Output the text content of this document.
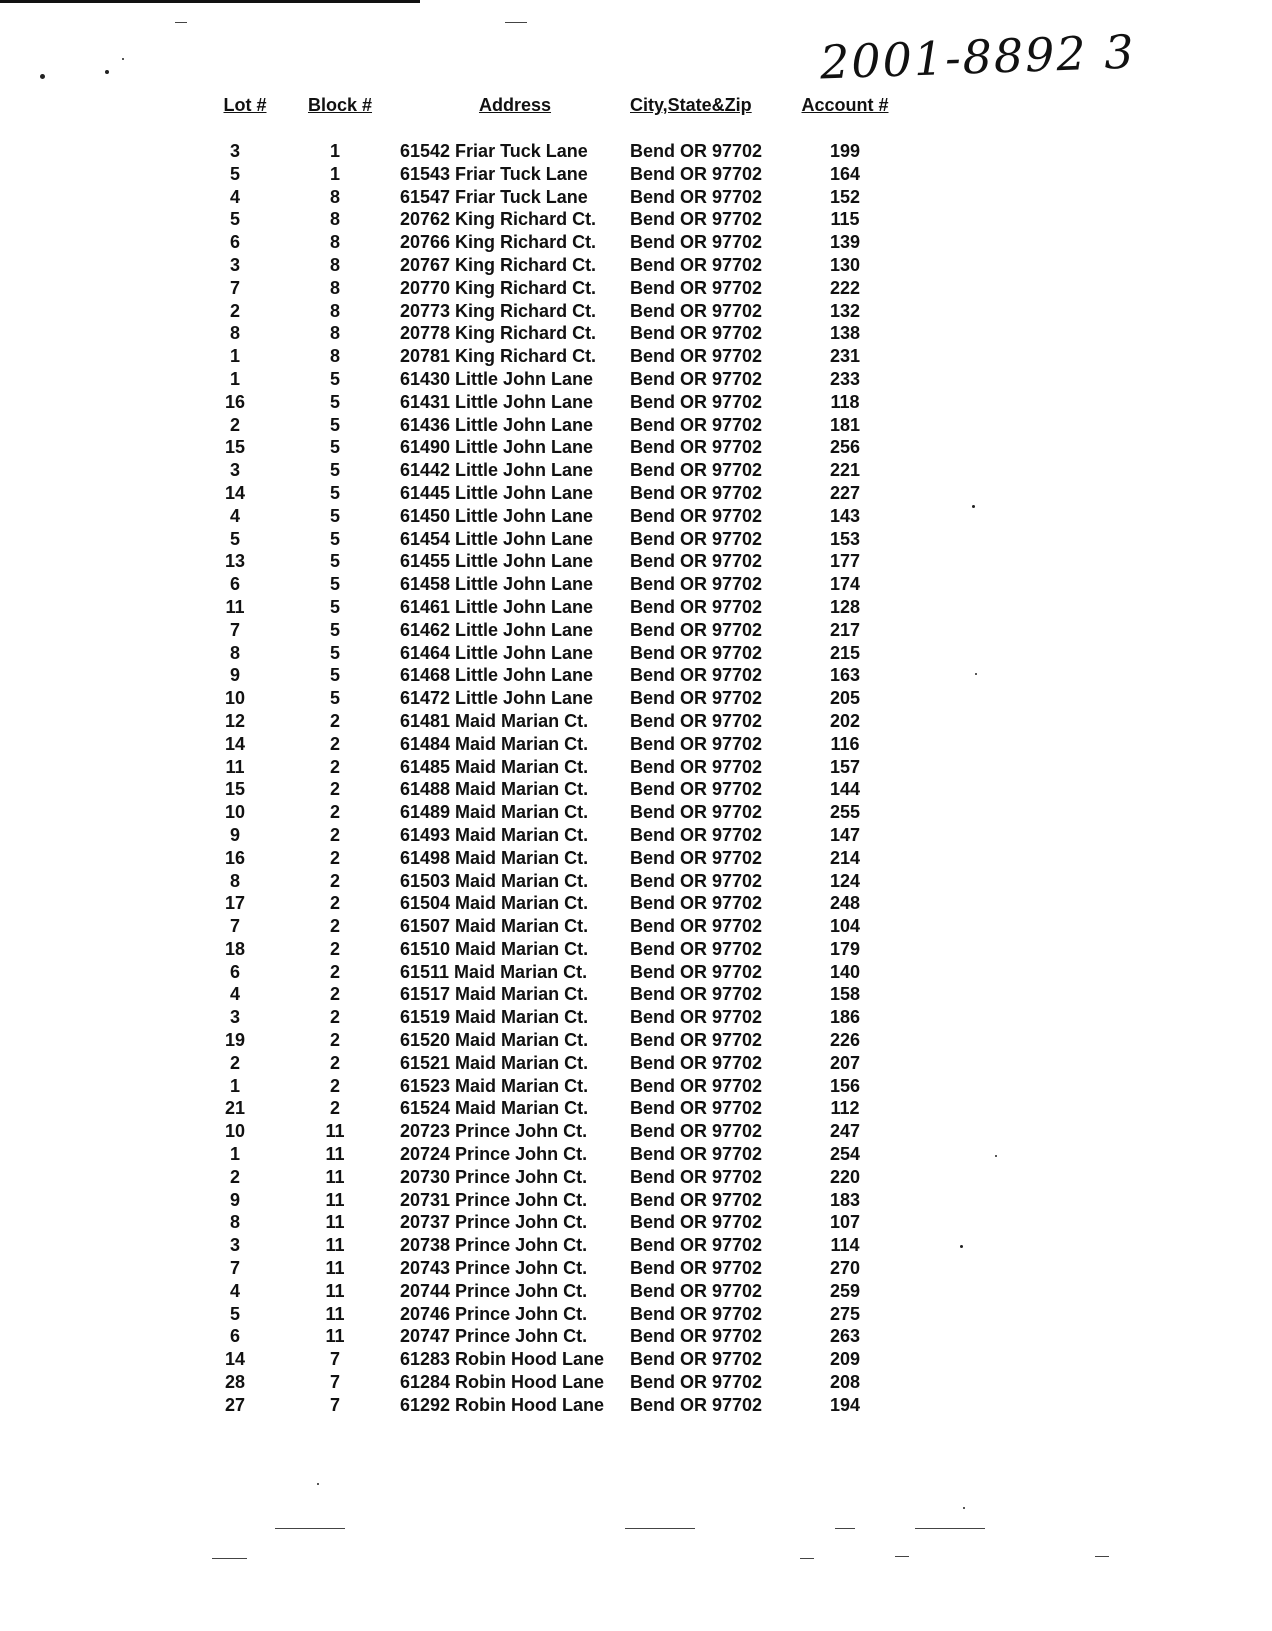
2001-8892 3
Lot #	Block #	Address	City,State&Zip	Account #
3	1	61542 Friar Tuck Lane	Bend OR 97702	199
5	1	61543 Friar Tuck Lane	Bend OR 97702	164
4	8	61547 Friar Tuck Lane	Bend OR 97702	152
5	8	20762 King Richard Ct.	Bend OR 97702	115
6	8	20766 King Richard Ct.	Bend OR 97702	139
3	8	20767 King Richard Ct.	Bend OR 97702	130
7	8	20770 King Richard Ct.	Bend OR 97702	222
2	8	20773 King Richard Ct.	Bend OR 97702	132
8	8	20778 King Richard Ct.	Bend OR 97702	138
1	8	20781 King Richard Ct.	Bend OR 97702	231
1	5	61430 Little John Lane	Bend OR 97702	233
16	5	61431 Little John Lane	Bend OR 97702	118
2	5	61436 Little John Lane	Bend OR 97702	181
15	5	61490 Little John Lane	Bend OR 97702	256
3	5	61442 Little John Lane	Bend OR 97702	221
14	5	61445 Little John Lane	Bend OR 97702	227
4	5	61450 Little John Lane	Bend OR 97702	143
5	5	61454 Little John Lane	Bend OR 97702	153
13	5	61455 Little John Lane	Bend OR 97702	177
6	5	61458 Little John Lane	Bend OR 97702	174
11	5	61461 Little John Lane	Bend OR 97702	128
7	5	61462 Little John Lane	Bend OR 97702	217
8	5	61464 Little John Lane	Bend OR 97702	215
9	5	61468 Little John Lane	Bend OR 97702	163
10	5	61472 Little John Lane	Bend OR 97702	205
12	2	61481 Maid Marian Ct.	Bend OR 97702	202
14	2	61484 Maid Marian Ct.	Bend OR 97702	116
11	2	61485 Maid Marian Ct.	Bend OR 97702	157
15	2	61488 Maid Marian Ct.	Bend OR 97702	144
10	2	61489 Maid Marian Ct.	Bend OR 97702	255
9	2	61493 Maid Marian Ct.	Bend OR 97702	147
16	2	61498 Maid Marian Ct.	Bend OR 97702	214
8	2	61503 Maid Marian Ct.	Bend OR 97702	124
17	2	61504 Maid Marian Ct.	Bend OR 97702	248
7	2	61507 Maid Marian Ct.	Bend OR 97702	104
18	2	61510 Maid Marian Ct.	Bend OR 97702	179
6	2	61511 Maid Marian Ct.	Bend OR 97702	140
4	2	61517 Maid Marian Ct.	Bend OR 97702	158
3	2	61519 Maid Marian Ct.	Bend OR 97702	186
19	2	61520 Maid Marian Ct.	Bend OR 97702	226
2	2	61521 Maid Marian Ct.	Bend OR 97702	207
1	2	61523 Maid Marian Ct.	Bend OR 97702	156
21	2	61524 Maid Marian Ct.	Bend OR 97702	112
10	11	20723 Prince John Ct.	Bend OR 97702	247
1	11	20724 Prince John Ct.	Bend OR 97702	254
2	11	20730 Prince John Ct.	Bend OR 97702	220
9	11	20731 Prince John Ct.	Bend OR 97702	183
8	11	20737 Prince John Ct.	Bend OR 97702	107
3	11	20738 Prince John Ct.	Bend OR 97702	114
7	11	20743 Prince John Ct.	Bend OR 97702	270
4	11	20744 Prince John Ct.	Bend OR 97702	259
5	11	20746 Prince John Ct.	Bend OR 97702	275
6	11	20747 Prince John Ct.	Bend OR 97702	263
14	7	61283 Robin Hood Lane	Bend OR 97702	209
28	7	61284 Robin Hood Lane	Bend OR 97702	208
27	7	61292 Robin Hood Lane	Bend OR 97702	194
